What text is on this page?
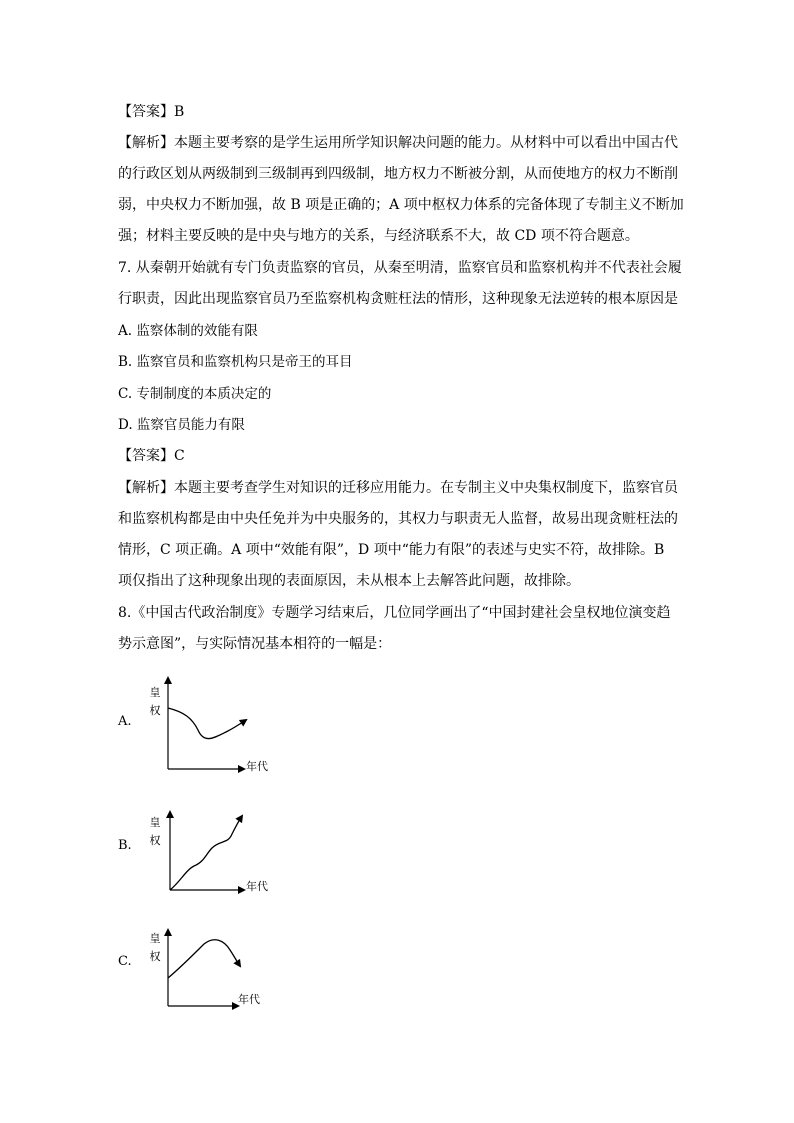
【答案】B
【解析】本题主要考察的是学生运用所学知识解决问题的能力。从材料中可以看出中国古代
的行政区划从两级制到三级制再到四级制，地方权力不断被分割，从而使地方的权力不断削
弱，中央权力不断加强，故 B 项是正确的；A 项中枢权力体系的完备体现了专制主义不断加
强；材料主要反映的是中央与地方的关系，与经济联系不大，故 CD 项不符合题意。
7. 从秦朝开始就有专门负责监察的官员，从秦至明清，监察官员和监察机构并不代表社会履
行职责，因此出现监察官员乃至监察机构贪赃枉法的情形，这种现象无法逆转的根本原因是
A. 监察体制的效能有限
B. 监察官员和监察机构只是帝王的耳目
C. 专制制度的本质决定的
D. 监察官员能力有限
【答案】C
【解析】本题主要考查学生对知识的迁移应用能力。在专制主义中央集权制度下，监察官员
和监察机构都是由中央任免并为中央服务的，其权力与职责无人监督，故易出现贪赃枉法的
情形，C 项正确。A 项中“效能有限”，D 项中“能力有限”的表述与史实不符，故排除。B
项仅指出了这种现象出现的表面原因，未从根本上去解答此问题，故排除。
8.《中国古代政治制度》专题学习结束后，几位同学画出了“中国封建社会皇权地位演变趋
势示意图”，与实际情况基本相符的一幅是：
A.
皇
权
年代
B.
皇
权
年代
C.
皇
权
年代
